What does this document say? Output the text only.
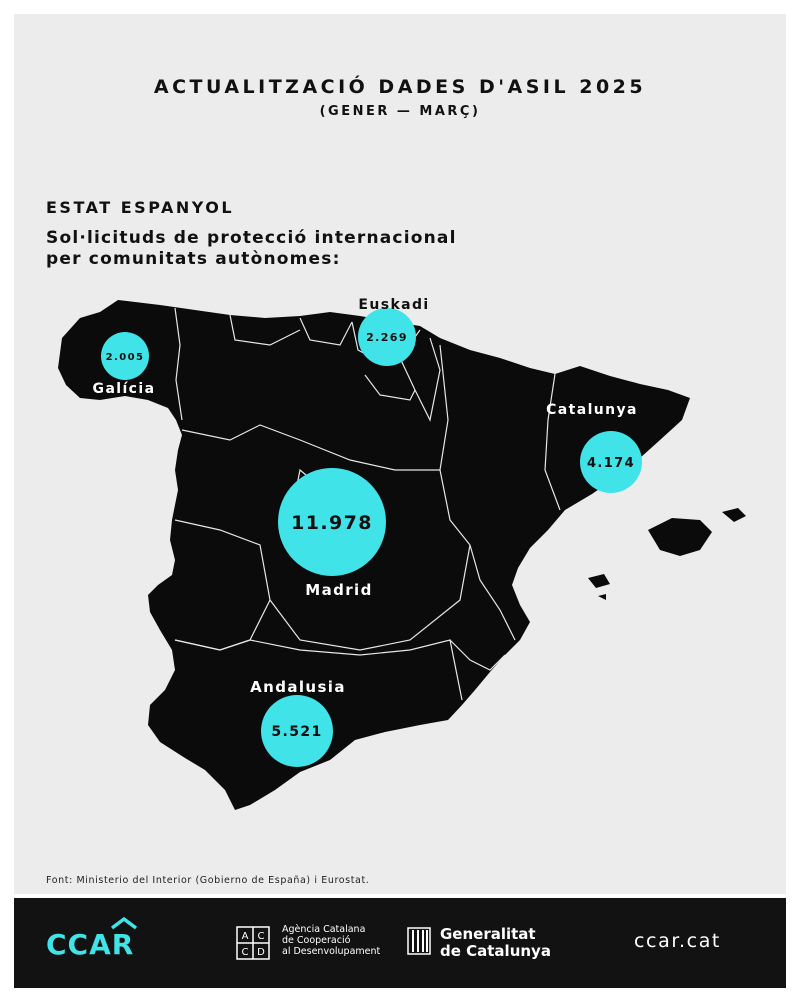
ACTUALITZACIÓ DADES D'ASIL 2025
(GENER — MARÇ)
ESTAT ESPANYOL
Sol·licituds de protecció internacional
per comunitats autònomes:
2.005
2.269
4.174
11.978
5.521
Galícia
Euskadi
Catalunya
Madrid
Andalusia
Font: Ministerio del Interior (Gobierno de España) i Eurostat.
CCAR	A C
C D
Agència Catalana
de Cooperació
al Desenvolupament
Generalitat
de Catalunya	ccar.cat
